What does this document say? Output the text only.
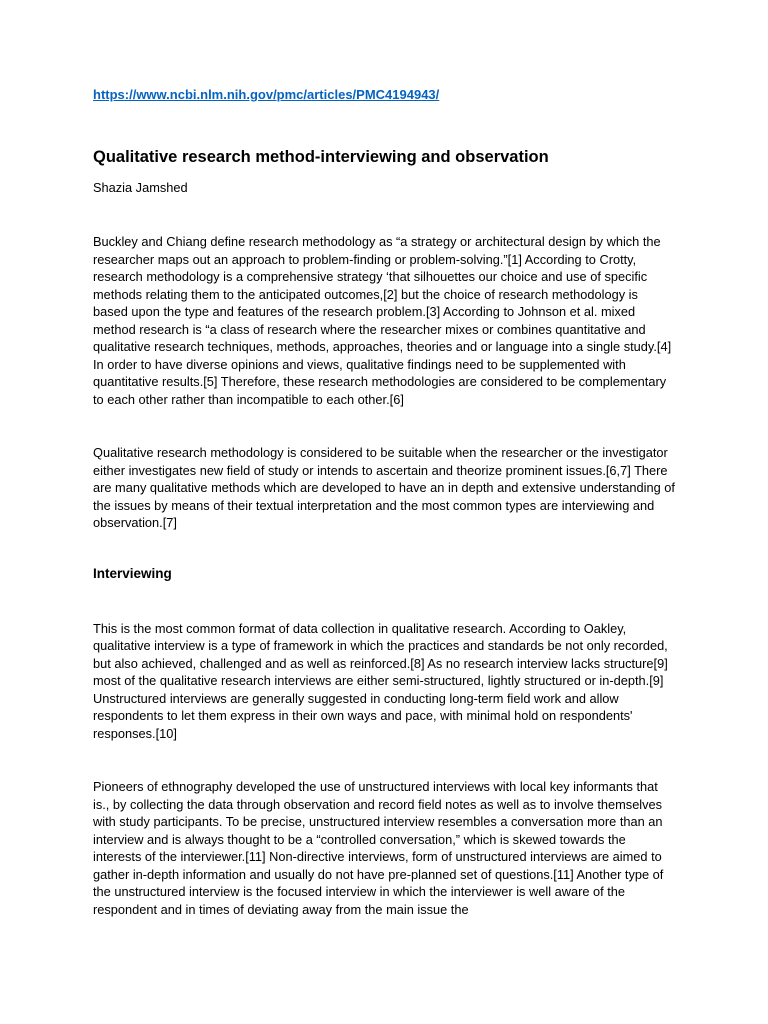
https://www.ncbi.nlm.nih.gov/pmc/articles/PMC4194943/
Qualitative research method-interviewing and observation

Shazia Jamshed

Buckley and Chiang define research methodology as “a strategy or architectural design by which the researcher maps out an approach to problem-finding or problem-solving.”[1] According to Crotty, research methodology is a comprehensive strategy ‘that silhouettes our choice and use of specific methods relating them to the anticipated outcomes,[2] but the choice of research methodology is based upon the type and features of the research problem.[3] According to Johnson et al. mixed method research is “a class of research where the researcher mixes or combines quantitative and qualitative research techniques, methods, approaches, theories and or language into a single study.[4] In order to have diverse opinions and views, qualitative findings need to be supplemented with quantitative results.[5] Therefore, these research methodologies are considered to be complementary to each other rather than incompatible to each other.[6]

Qualitative research methodology is considered to be suitable when the researcher or the investigator either investigates new field of study or intends to ascertain and theorize prominent issues.[6,7] There are many qualitative methods which are developed to have an in depth and extensive understanding of the issues by means of their textual interpretation and the most common types are interviewing and observation.[7]

Interviewing

This is the most common format of data collection in qualitative research. According to Oakley, qualitative interview is a type of framework in which the practices and standards be not only recorded, but also achieved, challenged and as well as reinforced.[8] As no research interview lacks structure[9] most of the qualitative research interviews are either semi-structured, lightly structured or in-depth.[9] Unstructured interviews are generally suggested in conducting long-term field work and allow respondents to let them express in their own ways and pace, with minimal hold on respondents' responses.[10]

Pioneers of ethnography developed the use of unstructured interviews with local key informants that is., by collecting the data through observation and record field notes as well as to involve themselves with study participants. To be precise, unstructured interview resembles a conversation more than an interview and is always thought to be a “controlled conversation,” which is skewed towards the interests of the interviewer.[11] Non-directive interviews, form of unstructured interviews are aimed to gather in-depth information and usually do not have pre-planned set of questions.[11] Another type of the unstructured interview is the focused interview in which the interviewer is well aware of the respondent and in times of deviating away from the main issue the
